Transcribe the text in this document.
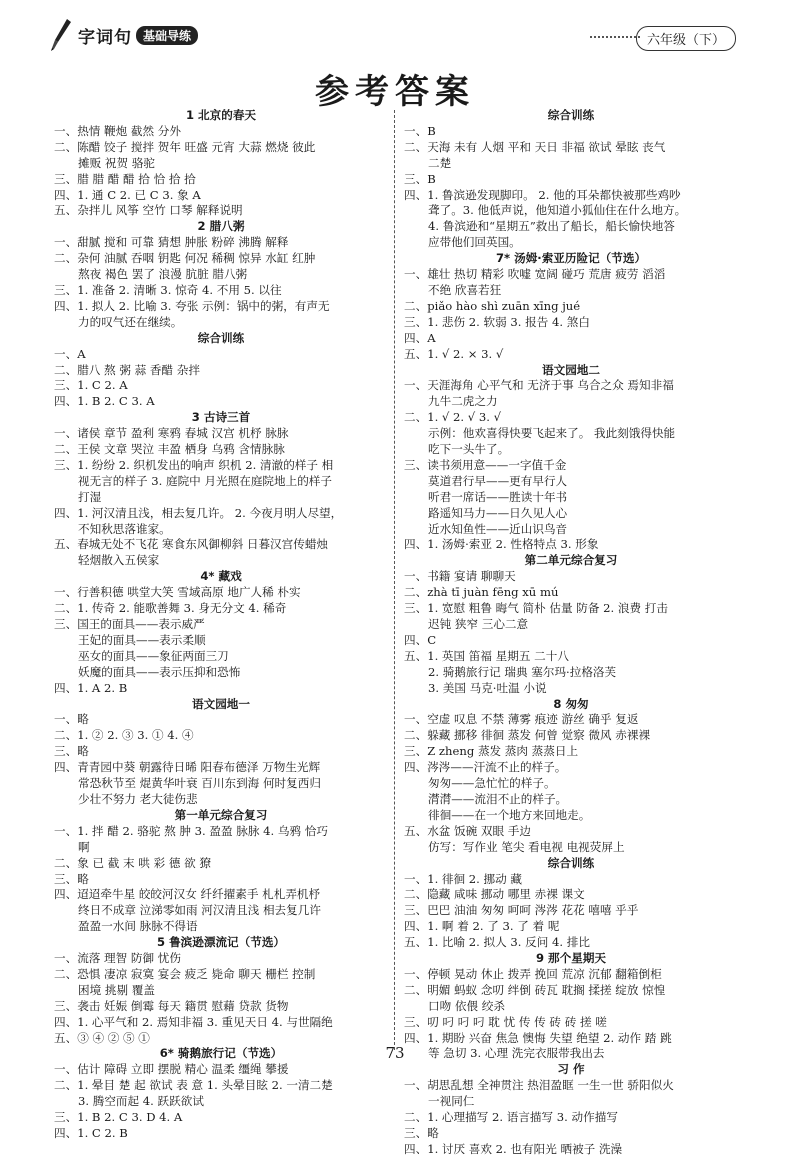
字词句 基础导练	六年级（下）
参考答案
1 北京的春天
一、热情 鞭炮 截然 分外
二、陈醋 饺子 搅拌 贺年 旺盛 元宵 大蒜 燃烧 彼此
摊贩 祝贺 骆驼
三、腊 腊 醋 醋 拾 恰 拾 拾
四、1. 通 C 2. 已 C 3. 象 A
五、杂拌儿 风筝 空竹 口琴 解释说明
2 腊八粥
一、甜腻 搅和 可靠 猜想 肿胀 粉碎 沸腾 解释
二、杂何 油腻 吞咽 钥匙 何况 稀稠 惊异 水缸 红肿
熬夜 褐色 罢了 浪漫 肮脏 腊八粥
三、1. 准备 2. 清晰 3. 惊奇 4. 不用 5. 以往
四、1. 拟人 2. 比喻 3. 夸张 示例：锅中的粥，有声无
力的叹气还在继续。
综合训练
一、A
二、腊八 熬 粥 蒜 香醋 杂拌
三、1. C 2. A
四、1. B 2. C 3. A
3 古诗三首
一、诸侯 章节 盈利 寒鸦 春城 汉宫 机杼 脉脉
二、王侯 文章 哭泣 丰盈 栖身 乌鸦 含情脉脉
三、1. 纷纷 2. 织机发出的响声 织机 2. 清澈的样子 相
视无言的样子 3. 庭院中 月光照在庭院地上的样子
打湿
四、1. 河汉清且浅，相去复几许。 2. 今夜月明人尽望，
不知秋思落谁家。
五、春城无处不飞花 寒食东风御柳斜 日暮汉宫传蜡烛
轻烟散入五侯家
4* 藏戏
一、行善积德 哄堂大笑 雪域高原 地广人稀 朴实
二、1. 传奇 2. 能歌善舞 3. 身无分文 4. 稀奇
三、国王的面具——表示威严
王妃的面具——表示柔顺
巫女的面具——象征两面三刀
妖魔的面具——表示压抑和恐怖
四、1. A 2. B
语文园地一
一、略
二、1. ② 2. ③ 3. ① 4. ④
三、略
四、青青园中葵 朝露待日晞 阳春布德泽 万物生光辉
常恐秋节至 焜黄华叶衰 百川东到海 何时复西归
少壮不努力 老大徒伤悲
第一单元综合复习
一、1. 拌 醋 2. 骆驼 熬 肿 3. 盈盈 脉脉 4. 乌鸦 恰巧
啊
二、象 已 截 末 哄 彩 德 欲 獠
三、略
四、迢迢牵牛星 皎皎河汉女 纤纤擢素手 札札弄机杼
终日不成章 泣涕零如雨 河汉清且浅 相去复几许
盈盈一水间 脉脉不得语
5 鲁滨逊漂流记（节选）
一、流落 理智 防御 忧伤
二、恐惧 凄凉 寂寞 宴会 疲乏 毙命 聊天 栅栏 控制
困境 挑剔 覆盖
三、袭击 妊娠 倒霉 每天 籍贯 慰藉 贷款 货物
四、1. 心平气和 2. 焉知非福 3. 重见天日 4. 与世隔绝
五、③ ④ ② ⑤ ①
6* 骑鹅旅行记（节选）
一、估计 障碍 立即 摆脱 精心 温柔 缰绳 攀援
二、1. 晕目 楚 起 欲试 表 意 1. 头晕目眩 2. 一清二楚
3. 腾空而起 4. 跃跃欲试
三、1. B 2. C 3. D 4. A
四、1. C 2. B
综合训练
一、B
二、天海 未有 人烟 平和 天日 非福 欲试 晕眩 丧气
二楚
三、B
四、1. 鲁滨逊发现脚印。 2. 他的耳朵都快被那些鸡吵
聋了。3. 他低声说，他知道小狐仙住在什么地方。
4. 鲁滨逊和“星期五”救出了船长，船长愉快地答
应带他们回英国。
7* 汤姆·索亚历险记（节选）
一、雄壮 热切 精彩 吹嘘 宽阔 碰巧 荒唐 疲劳 滔滔
不绝 欣喜若狂
二、piǎo hào shì zuān xīng jué
三、1. 悲伤 2. 软弱 3. 报告 4. 煞白
四、A
五、1. √ 2. × 3. √
语文园地二
一、天涯海角 心平气和 无济于事 乌合之众 焉知非福
九牛二虎之力
二、1. √ 2. √ 3. √
示例：他欢喜得快要飞起来了。 我此刻饿得快能
吃下一头牛了。
三、读书须用意——一字值千金
莫道君行早——更有早行人
听君一席话——胜读十年书
路遥知马力——日久见人心
近水知鱼性——近山识鸟音
四、1. 汤姆·索亚 2. 性格特点 3. 形象
第二单元综合复习
一、书籍 宴请 聊聊天
二、zhà tī juàn fēng xū mú
三、1. 宽慰 粗鲁 晦气 简朴 估量 防备 2. 浪费 打击
迟钝 狭窄 三心二意
四、C
五、1. 英国 笛福 星期五 二十八
2. 骑鹅旅行记 瑞典 塞尔玛·拉格洛芙
3. 美国 马克·吐温 小说
8 匆匆
一、空虚 叹息 不禁 薄雾 痕迹 游丝 确乎 复返
二、躲藏 挪移 徘徊 蒸发 何曾 觉察 微风 赤裸裸
三、Z zheng 蒸发 蒸肉 蒸蒸日上
四、涔涔——汗流不止的样子。
匆匆——急忙忙的样子。
潸潸——流泪不止的样子。
徘徊——在一个地方来回地走。
五、水盆 饭碗 双眼 手边
仿写：写作业 笔尖 看电视 电视荧屏上
综合训练
一、1. 徘徊 2. 挪动 藏
二、隐藏 咸味 挪动 哪里 赤裸 课文
三、巴巴 油油 匆匆 呵呵 涔涔 花花 嘻嘻 乎乎
四、1. 啊 着 2. 了 3. 了 着 呢
五、1. 比喻 2. 拟人 3. 反问 4. 排比
9 那个星期天
一、停顿 晃动 休止 拨弄 挽回 荒凉 沉郁 翻箱倒柜
二、明媚 蚂蚁 念叨 绊倒 砖瓦 耽搁 揉搓 绽放 惊惶
口吻 依偎 绞杀
三、叨 叼 叼 叼 耽 忧 传 传 砖 砖 搓 嗟
四、1. 期盼 兴奋 焦急 懊悔 失望 绝望 2. 动作 踏 跳
等 急切 3. 心理 洗完衣服带我出去
习 作
一、胡思乱想 全神贯注 热泪盈眶 一生一世 骄阳似火
一视同仁
二、1. 心理描写 2. 语言描写 3. 动作描写
三、略
四、1. 讨厌 喜欢 2. 也有阳光 晒被子 洗澡
73
